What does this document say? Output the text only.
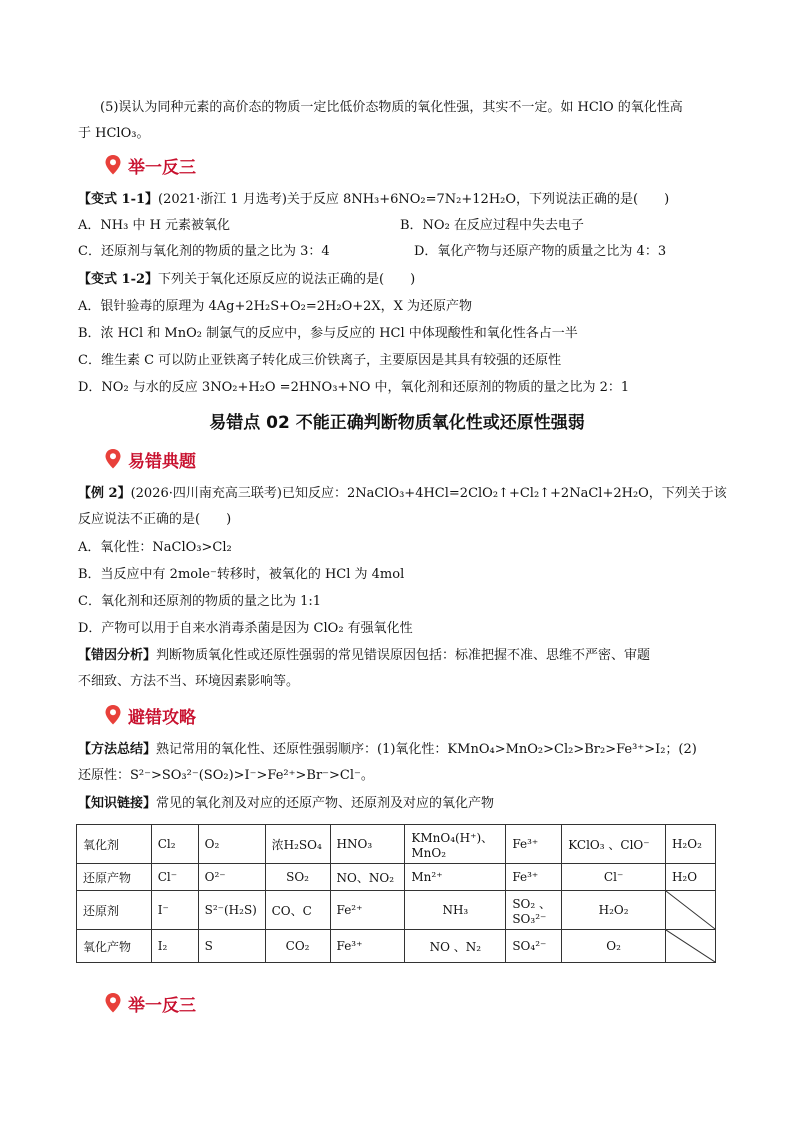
(5)误认为同种元素的高价态的物质一定比低价态物质的氧化性强，其实不一定。如 HClO 的氧化性高
于 HClO₃。
举一反三
【变式 1-1】(2021·浙江 1 月选考)关于反应 8NH₃+6NO₂=7N₂+12H₂O，下列说法正确的是(　　)
A．NH₃ 中 H 元素被氧化	B．NO₂ 在反应过程中失去电子
C．还原剂与氧化剂的物质的量之比为 3：4	D．氧化产物与还原产物的质量之比为 4：3
【变式 1-2】下列关于氧化还原反应的说法正确的是(　　)
A．银针验毒的原理为 4Ag+2H₂S+O₂=2H₂O+2X，X 为还原产物
B．浓 HCl 和 MnO₂ 制氯气的反应中，参与反应的 HCl 中体现酸性和氧化性各占一半
C．维生素 C 可以防止亚铁离子转化成三价铁离子，主要原因是其具有较强的还原性
D．NO₂ 与水的反应 3NO₂+H₂O =2HNO₃+NO 中，氧化剂和还原剂的物质的量之比为 2：1
易错点 02 不能正确判断物质氧化性或还原性强弱
易错典题
【例 2】(2026·四川南充高三联考)已知反应：2NaClO₃+4HCl=2ClO₂↑+Cl₂↑+2NaCl+2H₂O，下列关于该
反应说法不正确的是(　　)
A．氧化性：NaClO₃>Cl₂
B．当反应中有 2mole⁻转移时，被氧化的 HCl 为 4mol
C．氧化剂和还原剂的物质的量之比为 1:1
D．产物可以用于自来水消毒杀菌是因为 ClO₂ 有强氧化性
【错因分析】判断物质氧化性或还原性强弱的常见错误原因包括：标准把握不准、思维不严密、审题
不细致、方法不当、环境因素影响等。
避错攻略
【方法总结】熟记常用的氧化性、还原性强弱顺序：(1)氧化性：KMnO₄>MnO₂>Cl₂>Br₂>Fe³⁺>I₂；(2)
还原性：S²⁻>SO₃²⁻(SO₂)>I⁻>Fe²⁺>Br⁻>Cl⁻。
【知识链接】常见的氧化剂及对应的还原产物、还原剂及对应的氧化产物
氧化剂	Cl₂	O₂	浓H₂SO₄	HNO₃	KMnO₄(H⁺)、MnO₂	Fe³⁺	KClO₃ 、ClO⁻	H₂O₂
还原产物	Cl⁻	O²⁻	SO₂	NO、NO₂	Mn²⁺	Fe³⁺	Cl⁻	H₂O
还原剂	I⁻	S²⁻(H₂S)	CO、C	Fe²⁺	NH₃	SO₂ 、SO₃²⁻	H₂O₂	

氧化产物	I₂	S	CO₂	Fe³⁺	NO 、N₂	SO₄²⁻	O₂	
举一反三
